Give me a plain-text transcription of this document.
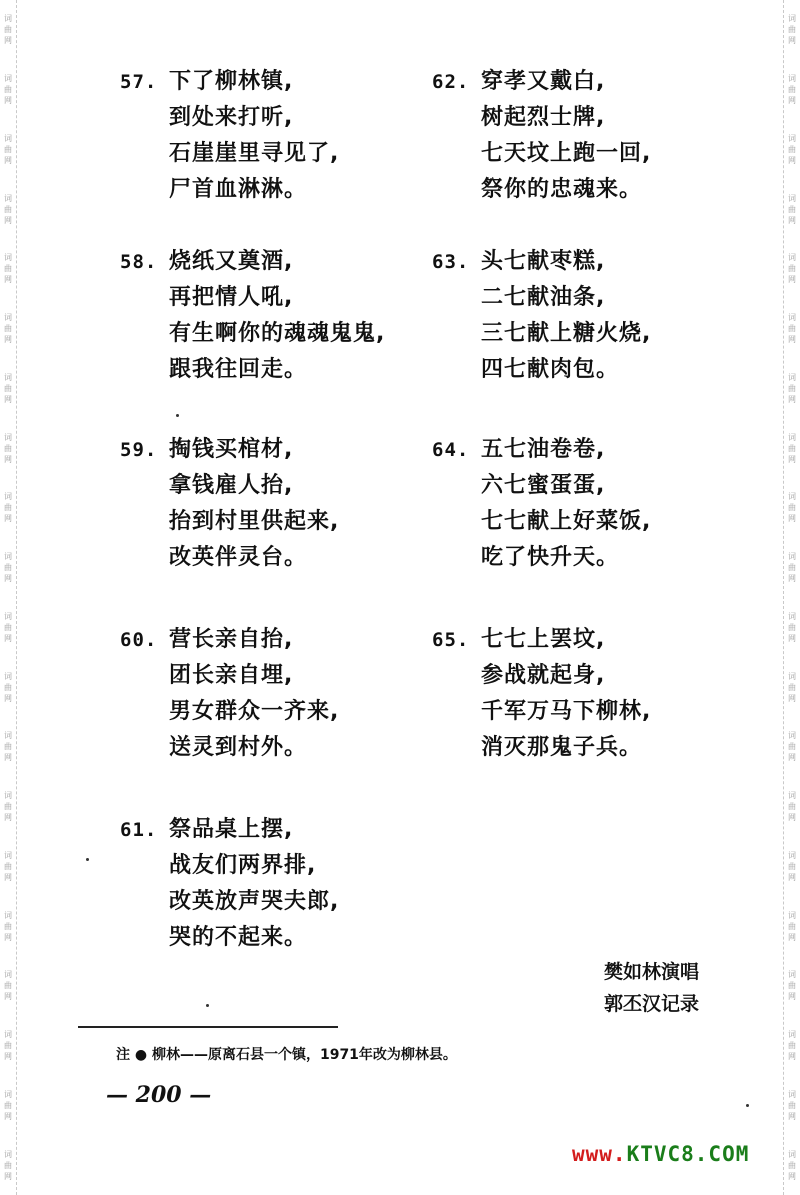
词
曲
网
词
曲
网
词
曲
网
词
曲
网
词
曲
网
词
曲
网
词
曲
网
词
曲
网
词
曲
网
词
曲
网
词
曲
网
词
曲
网
词
曲
网
词
曲
网
词
曲
网
词
曲
网
词
曲
网
词
曲
网
词
曲
网
词
曲
网
词
曲
网
词
曲
网
词
曲
网
词
曲
网
词
曲
网
词
曲
网
词
曲
网
词
曲
网
词
曲
网
词
曲
网
词
曲
网
词
曲
网
词
曲
网
词
曲
网
词
曲
网
词
曲
网
词
曲
网
词
曲
网
词
曲
网
词
曲
网
57. 下了柳林镇,
到处来打听,
石崖崖里寻见了,
尸首血淋淋。
58. 烧纸又奠酒,
再把情人吼,
有生啊你的魂魂鬼鬼,
跟我往回走。
59. 掏钱买棺材,
拿钱雇人抬,
抬到村里供起来,
改英伴灵台。
60. 营长亲自抬,
团长亲自埋,
男女群众一齐来,
送灵到村外。
61. 祭品桌上摆,
战友们两界排,
改英放声哭夫郎,
哭的不起来。
62. 穿孝又戴白,
树起烈士牌,
七天坟上跑一回,
祭你的忠魂来。
63. 头七献枣糕,
二七献油条,
三七献上糖火烧,
四七献肉包。
64. 五七油卷卷,
六七蜜蛋蛋,
七七献上好菜饭,
吃了快升天。
65. 七七上罢坟,
参战就起身,
千军万马下柳林,
消灭那鬼子兵。
樊如林演唱
郭丕汉记录
注 ● 柳林——原离石县一个镇，1971年改为柳林县。
— 200 —
www.KTVC8.COM
